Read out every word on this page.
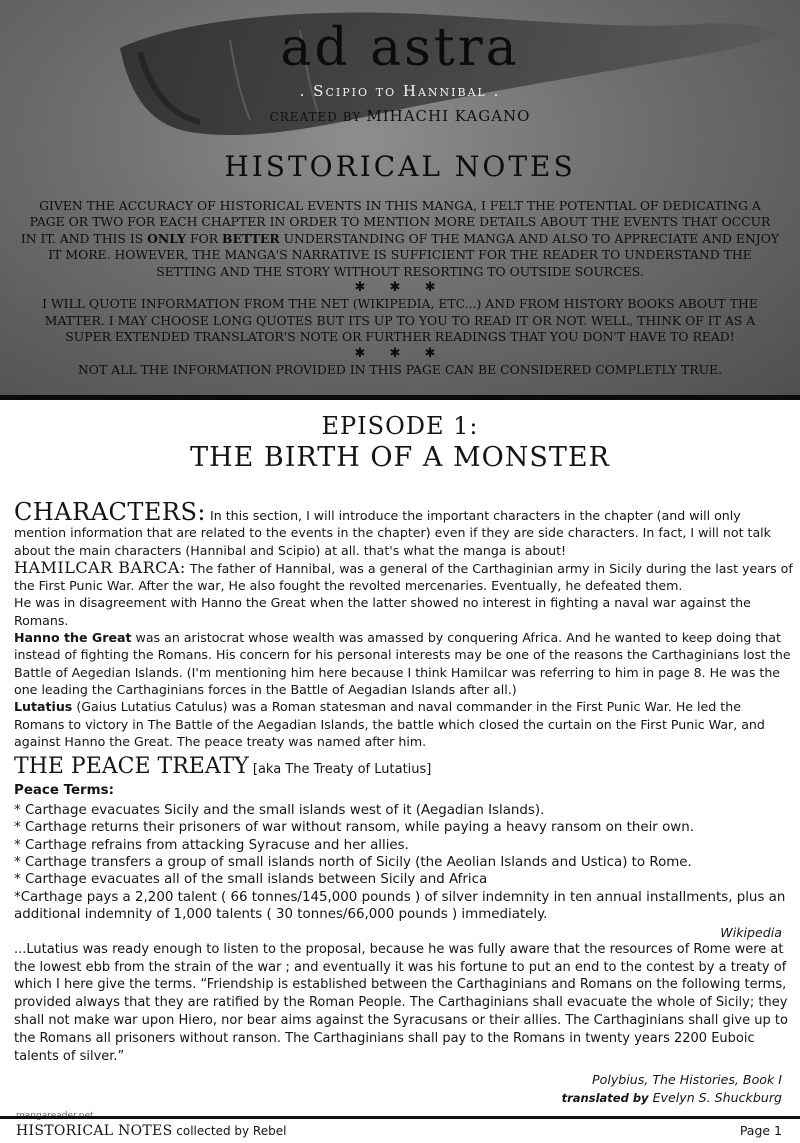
ad astra
. Scipio to Hannibal .
CREATED BY MIHACHI KAGANO
HISTORICAL NOTES

GIVEN THE ACCURACY OF HISTORICAL EVENTS IN THIS MANGA, I FELT THE POTENTIAL OF DEDICATING A PAGE OR TWO FOR EACH CHAPTER IN ORDER TO MENTION MORE DETAILS ABOUT THE EVENTS THAT OCCUR IN IT. AND THIS IS ONLY FOR BETTER UNDERSTANDING OF THE MANGA AND ALSO TO APPRECIATE AND ENJOY IT MORE. HOWEVER, THE MANGA'S NARRATIVE IS SUFFICIENT FOR THE READER TO UNDERSTAND THE SETTING AND THE STORY WITHOUT RESORTING TO OUTSIDE SOURCES.

✱ ✱ ✱

I WILL QUOTE INFORMATION FROM THE NET (WIKIPEDIA, ETC...) AND FROM HISTORY BOOKS ABOUT THE MATTER. I MAY CHOOSE LONG QUOTES BUT ITS UP TO YOU TO READ IT OR NOT. WELL, THINK OF IT AS A SUPER EXTENDED TRANSLATOR'S NOTE OR FURTHER READINGS THAT YOU DON'T HAVE TO READ!

✱ ✱ ✱

NOT ALL THE INFORMATION PROVIDED IN THIS PAGE CAN BE CONSIDERED COMPLETLY TRUE.

EPISODE 1:
THE BIRTH OF A MONSTER

CHARACTERS: In this section, I will introduce the important characters in the chapter (and will only mention information that are related to the events in the chapter) even if they are side characters. In fact, I will not talk about the main characters (Hannibal and Scipio) at all. that's what the manga is about!

HAMILCAR BARCA: The father of Hannibal, was a general of the Carthaginian army in Sicily during the last years of the First Punic War. After the war, He also fought the revolted mercenaries. Eventually, he defeated them.

He was in disagreement with Hanno the Great when the latter showed no interest in fighting a naval war against the Romans.

Hanno the Great was an aristocrat whose wealth was amassed by conquering Africa. And he wanted to keep doing that instead of fighting the Romans. His concern for his personal interests may be one of the reasons the Carthaginians lost the Battle of Aegedian Islands. (I'm mentioning him here because I think Hamilcar was referring to him in page 8. He was the one leading the Carthaginians forces in the Battle of Aegadian Islands after all.)

Lutatius (Gaius Lutatius Catulus) was a Roman statesman and naval commander in the First Punic War. He led the Romans to victory in The Battle of the Aegadian Islands, the battle which closed the curtain on the First Punic War, and against Hanno the Great. The peace treaty was named after him.

THE PEACE TREATY [aka The Treaty of Lutatius]

Peace Terms:

* Carthage evacuates Sicily and the small islands west of it (Aegadian Islands).

* Carthage returns their prisoners of war without ransom, while paying a heavy ransom on their own.

* Carthage refrains from attacking Syracuse and her allies.

* Carthage transfers a group of small islands north of Sicily (the Aeolian Islands and Ustica) to Rome.

* Carthage evacuates all of the small islands between Sicily and Africa

*Carthage pays a 2,200 talent ( 66 tonnes/145,000 pounds ) of silver indemnity in ten annual installments, plus an additional indemnity of 1,000 talents ( 30 tonnes/66,000 pounds ) immediately.

Wikipedia

...Lutatius was ready enough to listen to the proposal, because he was fully aware that the resources of Rome were at the lowest ebb from the strain of the war ; and eventually it was his fortune to put an end to the contest by a treaty of which I here give the terms. “Friendship is established between the Carthaginians and Romans on the following terms, provided always that they are ratified by the Roman People. The Carthaginians shall evacuate the whole of Sicily; they shall not make war upon Hiero, nor bear aims against the Syracusans or their allies. The Carthaginians shall give up to the Romans all prisoners without ranson. The Carthaginians shall pay to the Romans in twenty years 2200 Euboic talents of silver.”

Polybius, The Histories, Book I

translated by Evelyn S. Shuckburg

HISTORICAL NOTES collected by Rebel	Page 1
